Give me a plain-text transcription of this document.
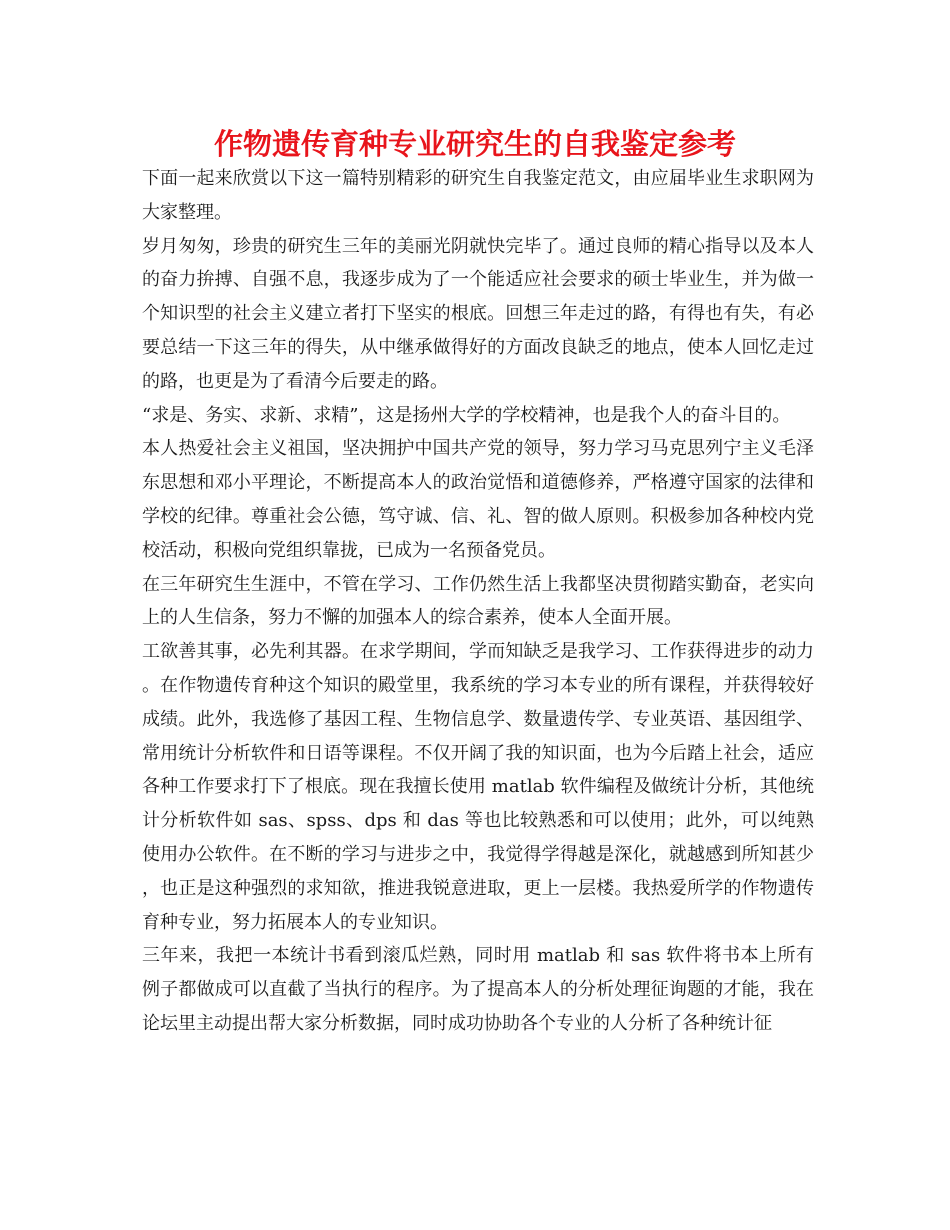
作物遗传育种专业研究生的自我鉴定参考

下面一起来欣赏以下这一篇特别精彩的研究生自我鉴定范文，由应届毕业生求职网为大家整理。

岁月匆匆，珍贵的研究生三年的美丽光阴就快完毕了。通过良师的精心指导以及本人的奋力拚搏、自强不息，我逐步成为了一个能适应社会要求的硕士毕业生，并为做一个知识型的社会主义建立者打下坚实的根底。回想三年走过的路，有得也有失，有必要总结一下这三年的得失，从中继承做得好的方面改良缺乏的地点，使本人回忆走过的路，也更是为了看清今后要走的路。

“求是、务实、求新、求精”，这是扬州大学的学校精神，也是我个人的奋斗目的。

本人热爱社会主义祖国，坚决拥护中国共产党的领导，努力学习马克思列宁主义毛泽东思想和邓小平理论，不断提高本人的政治觉悟和道德修养，严格遵守国家的法律和学校的纪律。尊重社会公德，笃守诚、信、礼、智的做人原则。积极参加各种校内党校活动，积极向党组织靠拢，已成为一名预备党员。

在三年研究生生涯中，不管在学习、工作仍然生活上我都坚决贯彻踏实勤奋，老实向上的人生信条，努力不懈的加强本人的综合素养，使本人全面开展。

工欲善其事，必先利其器。在求学期间，学而知缺乏是我学习、工作获得进步的动力。在作物遗传育种这个知识的殿堂里，我系统的学习本专业的所有课程，并获得较好成绩。此外，我选修了基因工程、生物信息学、数量遗传学、专业英语、基因组学、常用统计分析软件和日语等课程。不仅开阔了我的知识面，也为今后踏上社会，适应各种工作要求打下了根底。现在我擅长使用 matlab 软件编程及做统计分析，其他统计分析软件如 sas、spss、dps 和 das 等也比较熟悉和可以使用；此外，可以纯熟使用办公软件。在不断的学习与进步之中，我觉得学得越是深化，就越感到所知甚少，也正是这种强烈的求知欲，推进我锐意进取，更上一层楼。我热爱所学的作物遗传育种专业，努力拓展本人的专业知识。

三年来，我把一本统计书看到滚瓜烂熟，同时用 matlab 和 sas 软件将书本上所有例子都做成可以直截了当执行的程序。为了提高本人的分析处理征询题的才能，我在论坛里主动提出帮大家分析数据，同时成功协助各个专业的人分析了各种统计征
